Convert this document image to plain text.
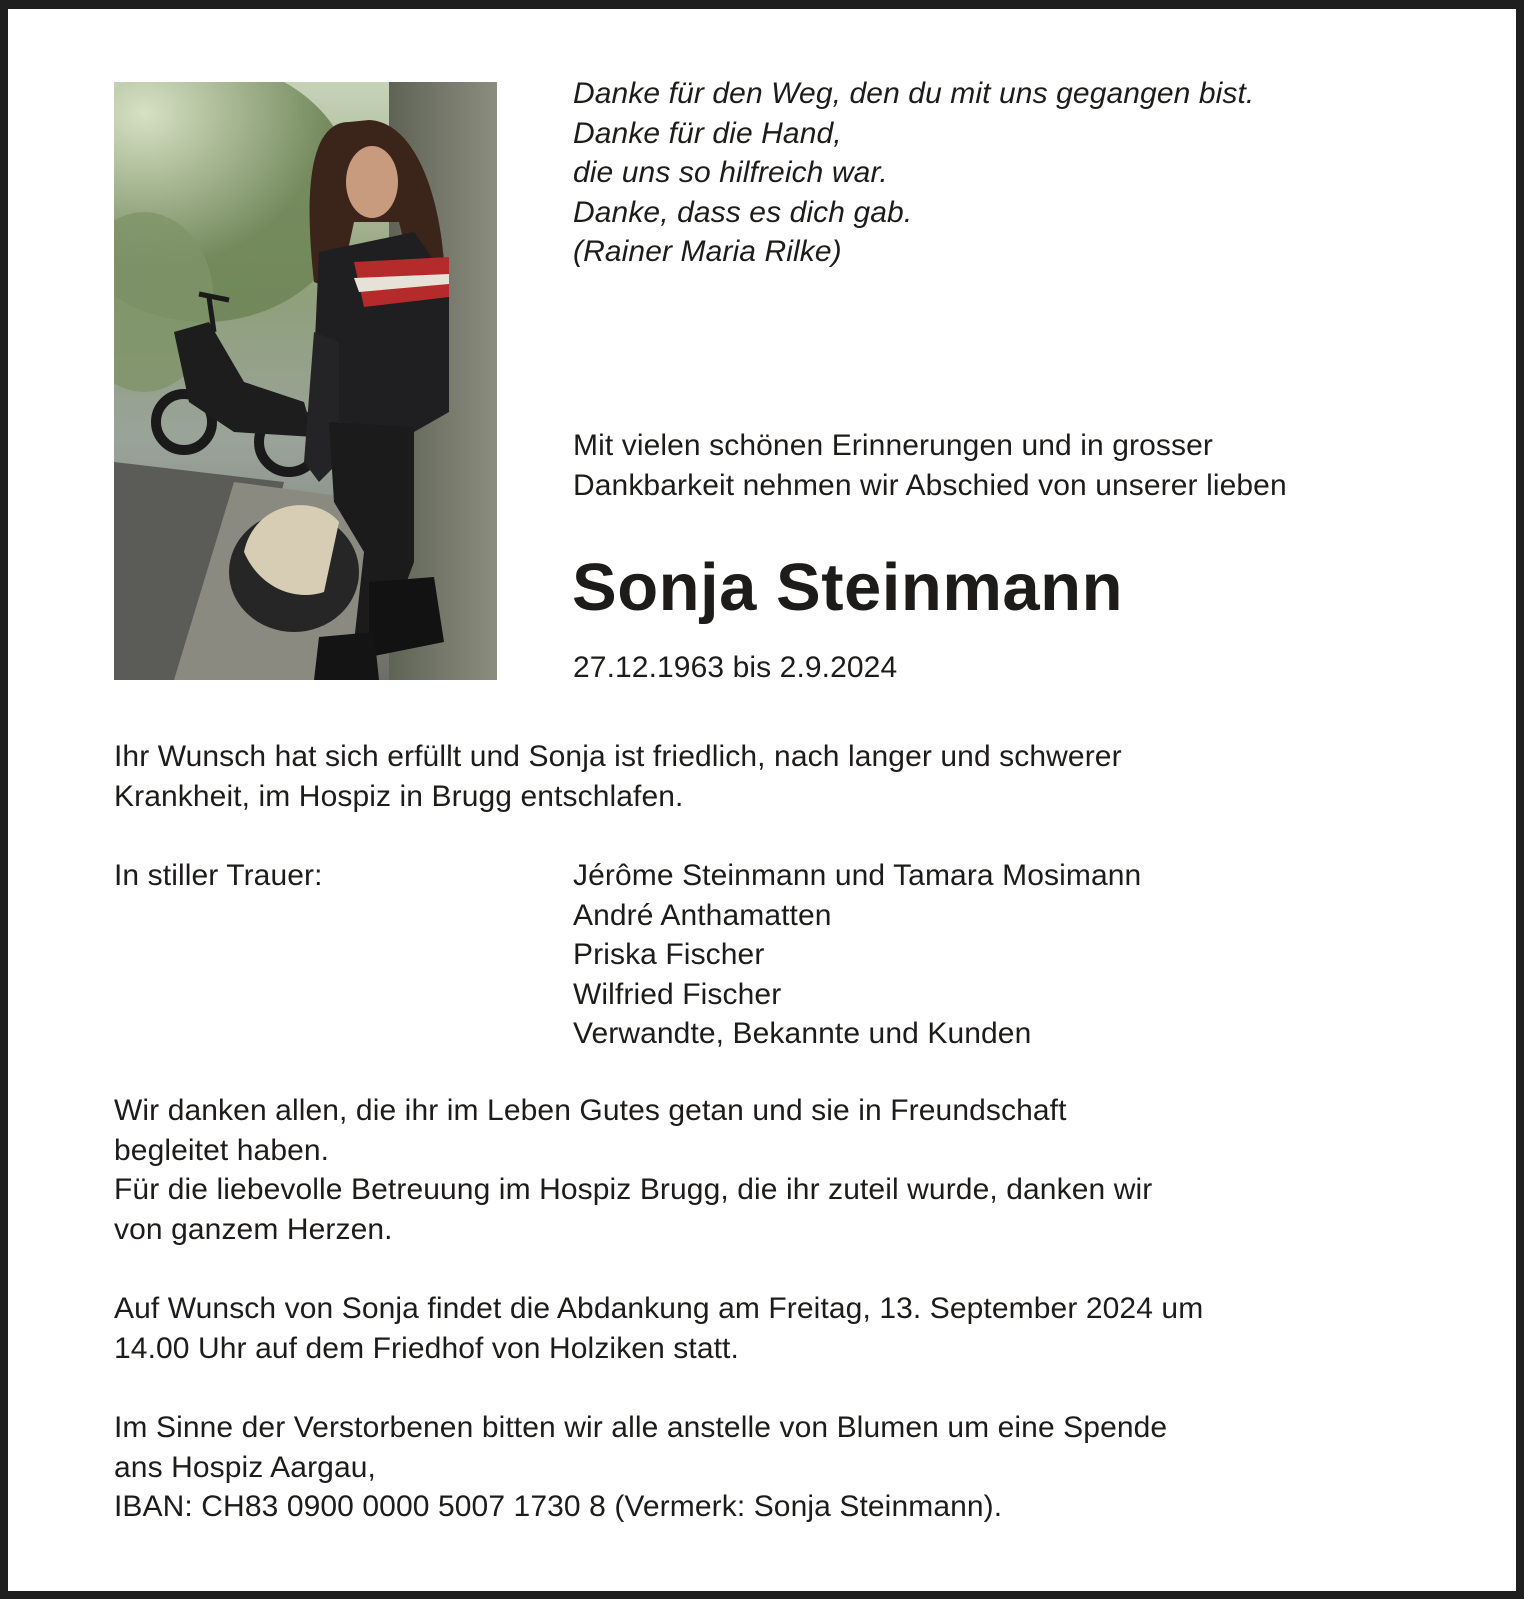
Danke für den Weg, den du mit uns gegangen bist.
Danke für die Hand,
die uns so hilfreich war.
Danke, dass es dich gab.
(Rainer Maria Rilke)
Mit vielen schönen Erinnerungen und in grosser
Dankbarkeit nehmen wir Abschied von unserer lieben
Sonja Steinmann
27.12.1963 bis 2.9.2024
Ihr Wunsch hat sich erfüllt und Sonja ist friedlich, nach langer und schwerer
Krankheit, im Hospiz in Brugg entschlafen.
In stiller Trauer:	Jérôme Steinmann und Tamara Mosimann
André Anthamatten
Priska Fischer
Wilfried Fischer
Verwandte, Bekannte und Kunden
Wir danken allen, die ihr im Leben Gutes getan und sie in Freundschaft
begleitet haben.
Für die liebevolle Betreuung im Hospiz Brugg, die ihr zuteil wurde, danken wir
von ganzem Herzen.
Auf Wunsch von Sonja findet die Abdankung am Freitag, 13. September 2024 um
14.00 Uhr auf dem Friedhof von Holziken statt.
Im Sinne der Verstorbenen bitten wir alle anstelle von Blumen um eine Spende
ans Hospiz Aargau,
IBAN: CH83 0900 0000 5007 1730 8 (Vermerk: Sonja Steinmann).
